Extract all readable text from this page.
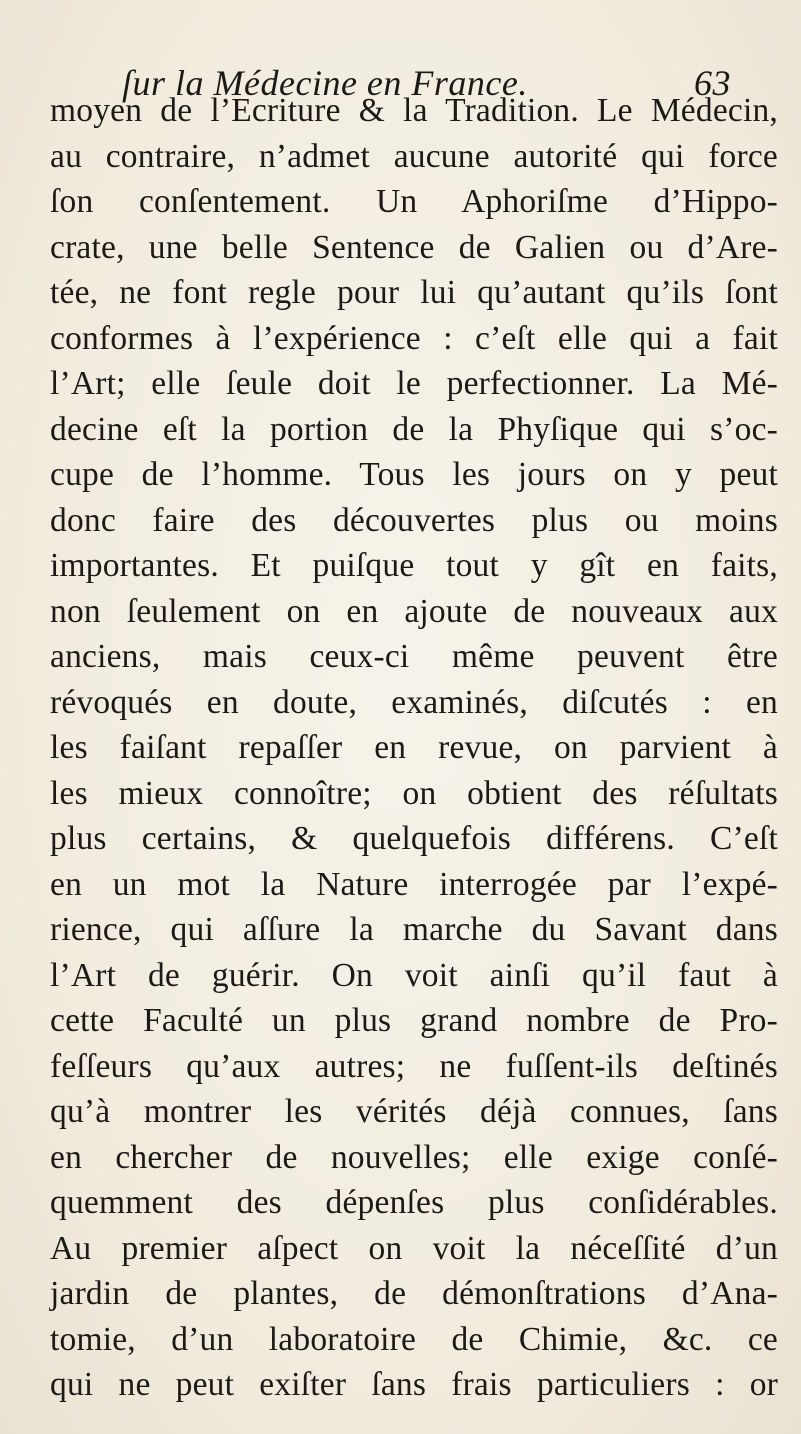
ſur la Médecine en France.	63
moyen de l’Ecriture & la Tradition. Le Médecin,
au contraire, n’admet aucune autorité qui force
ſon conſentement. Un Aphoriſme d’Hippo-
crate, une belle Sentence de Galien ou d’Are-
tée, ne font regle pour lui qu’autant qu’ils ſont
conformes à l’expérience : c’eſt elle qui a fait
l’Art; elle ſeule doit le perfectionner. La Mé-
decine eſt la portion de la Phyſique qui s’oc-
cupe de l’homme. Tous les jours on y peut
donc faire des découvertes plus ou moins
importantes. Et puiſque tout y gît en faits,
non ſeulement on en ajoute de nouveaux aux
anciens, mais ceux-ci même peuvent être
révoqués en doute, examinés, diſcutés : en
les faiſant repaſſer en revue, on parvient à
les mieux connoître; on obtient des réſultats
plus certains, & quelquefois différens. C’eſt
en un mot la Nature interrogée par l’expé-
rience, qui aſſure la marche du Savant dans
l’Art de guérir. On voit ainſi qu’il faut à
cette Faculté un plus grand nombre de Pro-
feſſeurs qu’aux autres; ne fuſſent-ils deſtinés
qu’à montrer les vérités déjà connues, ſans
en chercher de nouvelles; elle exige conſé-
quemment des dépenſes plus conſidérables.
Au premier aſpect on voit la néceſſité d’un
jardin de plantes, de démonſtrations d’Ana-
tomie, d’un laboratoire de Chimie, &c. ce
qui ne peut exiſter ſans frais particuliers : or
